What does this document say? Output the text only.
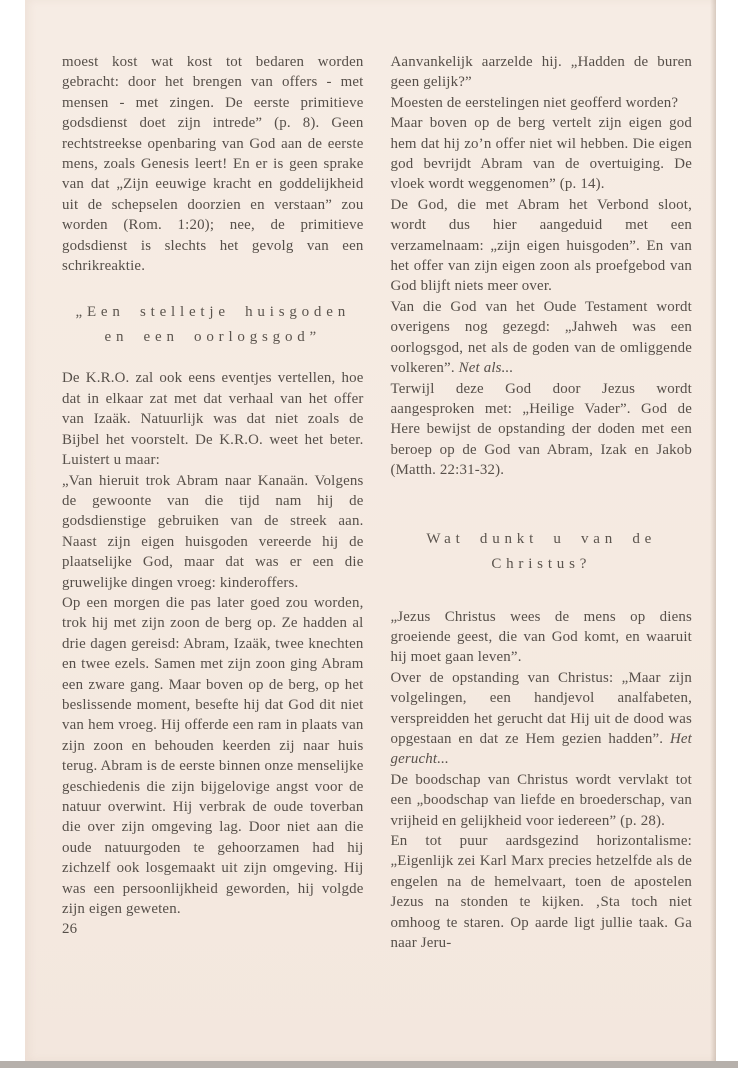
moest kost wat kost tot bedaren worden gebracht: door het brengen van offers - met mensen - met zingen. De eerste primitieve godsdienst doet zijn intrede” (p. 8). Geen rechtstreekse openbaring van God aan de eerste mens, zoals Genesis leert! En er is geen sprake van dat „Zijn eeuwige kracht en goddelijkheid uit de schepselen doorzien en verstaan” zou worden (Rom. 1:20); nee, de primitieve godsdienst is slechts het gevolg van een schrikreaktie.

„Een stelletje huisgoden
en een oorlogsgod”

De K.R.O. zal ook eens eventjes vertellen, hoe dat in elkaar zat met dat verhaal van het offer van Izaäk. Natuurlijk was dat niet zoals de Bijbel het voorstelt. De K.R.O. weet het beter. Luistert u maar:

„Van hieruit trok Abram naar Kanaän. Volgens de gewoonte van die tijd nam hij de godsdienstige gebruiken van de streek aan. Naast zijn eigen huisgoden vereerde hij de plaatselijke God, maar dat was er een die gruwelijke dingen vroeg: kinderoffers.

Op een morgen die pas later goed zou worden, trok hij met zijn zoon de berg op. Ze hadden al drie dagen gereisd: Abram, Izaäk, twee knechten en twee ezels. Samen met zijn zoon ging Abram een zware gang. Maar boven op de berg, op het beslissende moment, besefte hij dat God dit niet van hem vroeg. Hij offerde een ram in plaats van zijn zoon en behouden keerden zij naar huis terug. Abram is de eerste binnen onze menselijke geschiedenis die zijn bijgelovige angst voor de natuur overwint. Hij verbrak de oude toverban die over zijn omgeving lag. Door niet aan die oude natuurgoden te gehoorzamen had hij zichzelf ook losgemaakt uit zijn omgeving. Hij was een persoonlijkheid geworden, hij volgde zijn eigen geweten.

26

Aanvankelijk aarzelde hij. „Hadden de buren geen gelijk?”

Moesten de eerstelingen niet geofferd worden?

Maar boven op de berg vertelt zijn eigen god hem dat hij zo’n offer niet wil hebben. Die eigen god bevrijdt Abram van de overtuiging. De vloek wordt weggenomen” (p. 14).

De God, die met Abram het Verbond sloot, wordt dus hier aangeduid met een verzamelnaam: „zijn eigen huisgoden”. En van het offer van zijn eigen zoon als proefgebod van God blijft niets meer over.

Van die God van het Oude Testament wordt overigens nog gezegd: „Jahweh was een oorlogsgod, net als de goden van de omliggende volkeren”. Net als...

Terwijl deze God door Jezus wordt aangesproken met: „Heilige Vader”. God de Here bewijst de opstanding der doden met een beroep op de God van Abram, Izak en Jakob (Matth. 22:31-32).

Wat dunkt u van de
Christus?

„Jezus Christus wees de mens op diens groeiende geest, die van God komt, en waaruit hij moet gaan leven”.

Over de opstanding van Christus: „Maar zijn volgelingen, een handjevol analfabeten, verspreidden het gerucht dat Hij uit de dood was opgestaan en dat ze Hem gezien hadden”. Het gerucht...

De boodschap van Christus wordt vervlakt tot een „boodschap van liefde en broederschap, van vrijheid en gelijkheid voor iedereen” (p. 28).

En tot puur aardsgezind horizontalisme: „Eigenlijk zei Karl Marx precies hetzelfde als de engelen na de hemelvaart, toen de apostelen Jezus na stonden te kijken. ‚Sta toch niet omhoog te staren. Op aarde ligt jullie taak. Ga naar Jeru-
